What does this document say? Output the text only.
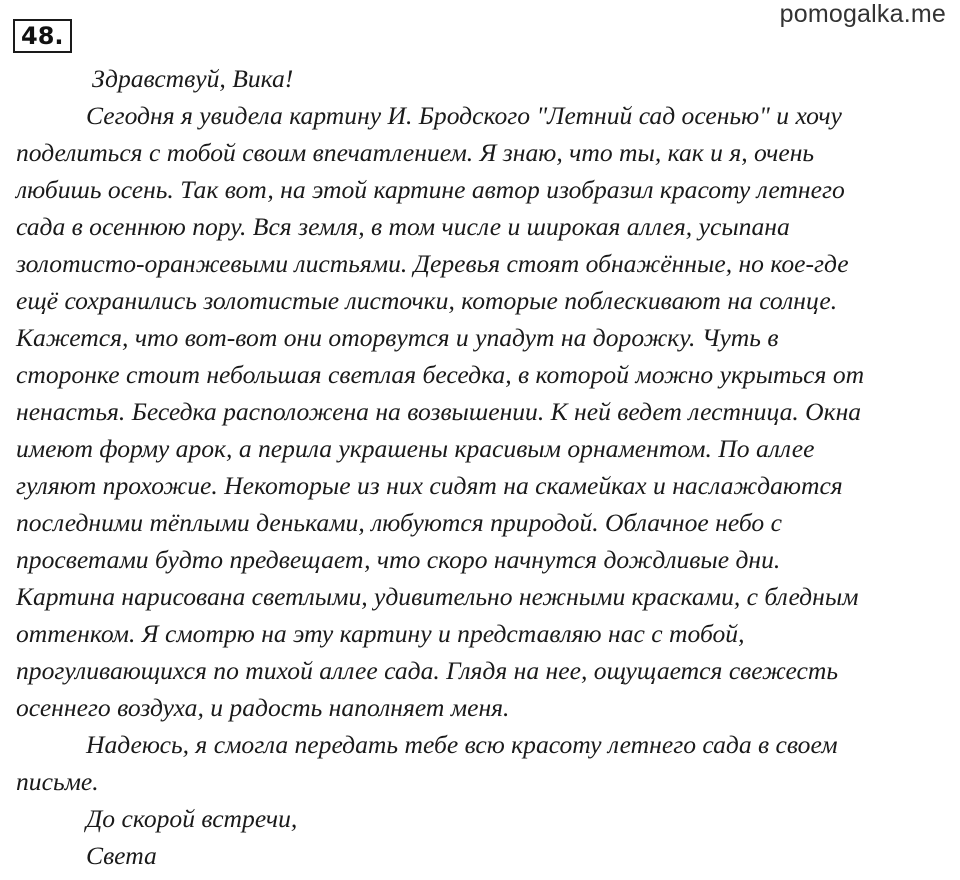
pomogalka.me
48.
Здравствуй, Вика!
Сегодня я увидела картину И. Бродского "Летний сад осенью" и хочу
поделиться с тобой своим впечатлением. Я знаю, что ты, как и я, очень
любишь осень. Так вот, на этой картине автор изобразил красоту летнего
сада в осеннюю пору. Вся земля, в том числе и широкая аллея, усыпана
золотисто-оранжевыми листьями. Деревья стоят обнажённые, но кое-где
ещё сохранились золотистые листочки, которые поблескивают на солнце.
Кажется, что вот-вот они оторвутся и упадут на дорожку. Чуть в
сторонке стоит небольшая светлая беседка, в которой можно укрыться от
ненастья. Беседка расположена на возвышении. К ней ведет лестница. Окна
имеют форму арок, а перила украшены красивым орнаментом. По аллее
гуляют прохожие. Некоторые из них сидят на скамейках и наслаждаются
последними тёплыми деньками, любуются природой. Облачное небо с
просветами будто предвещает, что скоро начнутся дождливые дни.
Картина нарисована светлыми, удивительно нежными красками, с бледным
оттенком. Я смотрю на эту картину и представляю нас с тобой,
прогуливающихся по тихой аллее сада. Глядя на нее, ощущается свежесть
осеннего воздуха, и радость наполняет меня.
Надеюсь, я смогла передать тебе всю красоту летнего сада в своем
письме.
До скорой встречи,
Света
